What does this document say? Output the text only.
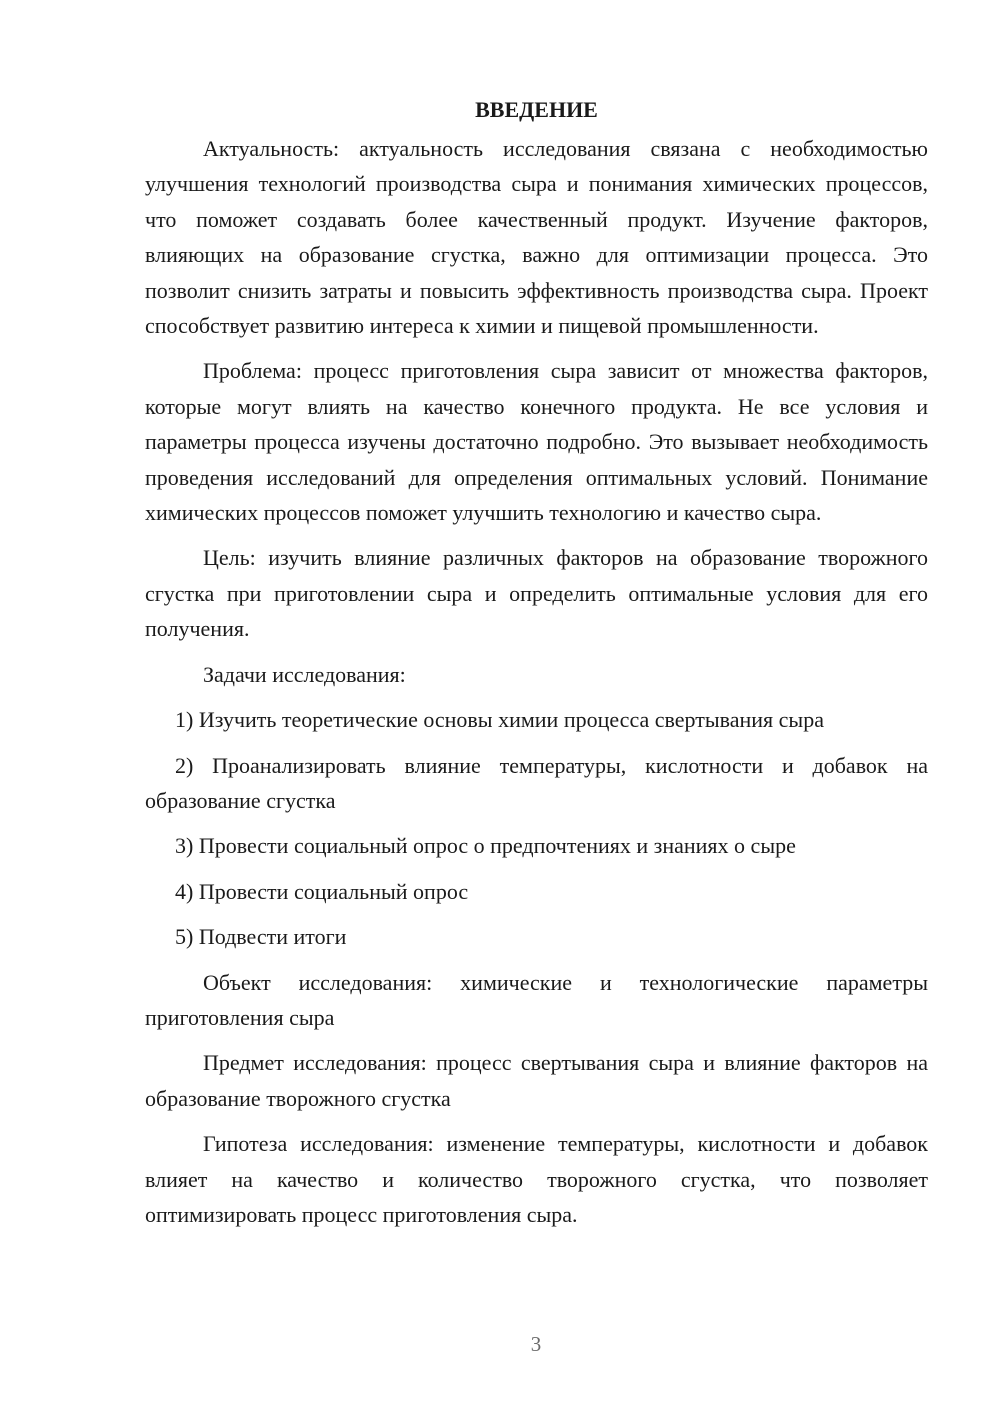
ВВЕДЕНИЕ

Актуальность: актуальность исследования связана с необходимостью улучшения технологий производства сыра и понимания химических процессов, что поможет создавать более качественный продукт. Изучение факторов, влияющих на образование сгустка, важно для оптимизации процесса. Это позволит снизить затраты и повысить эффективность производства сыра. Проект способствует развитию интереса к химии и пищевой промышленности.

Проблема: процесс приготовления сыра зависит от множества факторов, которые могут влиять на качество конечного продукта. Не все условия и параметры процесса изучены достаточно подробно. Это вызывает необходимость проведения исследований для определения оптимальных условий. Понимание химических процессов поможет улучшить технологию и качество сыра.

Цель: изучить влияние различных факторов на образование творожного сгустка при приготовлении сыра и определить оптимальные условия для его получения.

Задачи исследования:

1) Изучить теоретические основы химии процесса свертывания сыра

2) Проанализировать влияние температуры, кислотности и добавок на образование сгустка

3) Провести социальный опрос о предпочтениях и знаниях о сыре

4) Провести социальный опрос

5) Подвести итоги

Объект исследования: химические и технологические параметры приготовления сыра

Предмет исследования: процесс свертывания сыра и влияние факторов на образование творожного сгустка

Гипотеза исследования: изменение температуры, кислотности и добавок влияет на качество и количество творожного сгустка, что позволяет оптимизировать процесс приготовления сыра.

3
